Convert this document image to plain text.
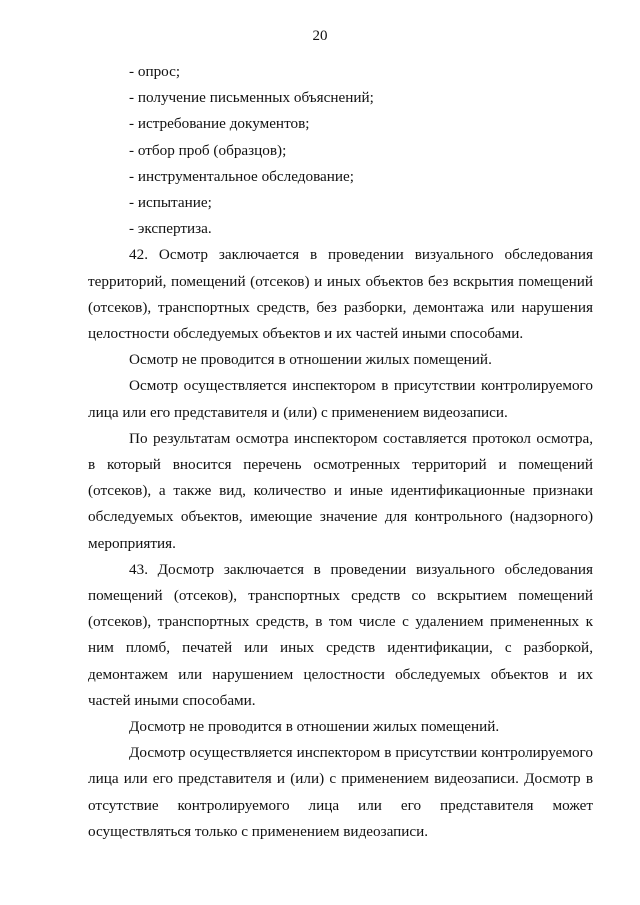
20

- опрос;

- получение письменных объяснений;

- истребование документов;

- отбор проб (образцов);

- инструментальное обследование;

- испытание;

- экспертиза.

42. Осмотр заключается в проведении визуального обследования территорий, помещений (отсеков) и иных объектов без вскрытия помещений (отсеков), транспортных средств, без разборки, демонтажа или нарушения целостности обследуемых объектов и их частей иными способами.

Осмотр не проводится в отношении жилых помещений.

Осмотр осуществляется инспектором в присутствии контролируемого лица или его представителя и (или) с применением видеозаписи.

По результатам осмотра инспектором составляется протокол осмотра, в который вносится перечень осмотренных территорий и помещений (отсеков), а также вид, количество и иные идентификационные признаки обследуемых объектов, имеющие значение для контрольного (надзорного) мероприятия.

43. Досмотр заключается в проведении визуального обследования помещений (отсеков), транспортных средств со вскрытием помещений (отсеков), транспортных средств, в том числе с удалением примененных к ним пломб, печатей или иных средств идентификации, с разборкой, демонтажем или нарушением целостности обследуемых объектов и их частей иными способами.

Досмотр не проводится в отношении жилых помещений.

Досмотр осуществляется инспектором в присутствии контролируемого лица или его представителя и (или) с применением видеозаписи. Досмотр в отсутствие контролируемого лица или его представителя может осуществляться только с применением видеозаписи.
